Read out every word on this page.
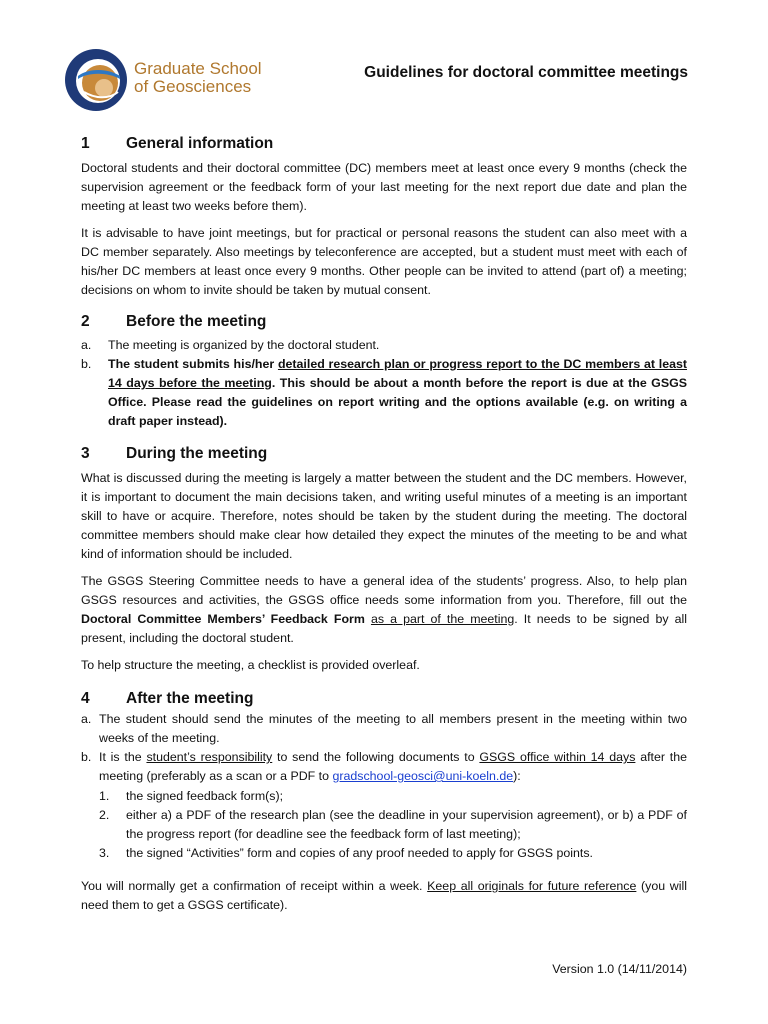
Graduate School
of Geosciences
Guidelines for doctoral committee meetings
1	General information

Doctoral students and their doctoral committee (DC) members meet at least once every 9 months (check the supervision agreement or the feedback form of your last meeting for the next report due date and plan the meeting at least two weeks before them).

It is advisable to have joint meetings, but for practical or personal reasons the student can also meet with a DC member separately. Also meetings by teleconference are accepted, but a student must meet with each of his/her DC members at least once every 9 months. Other people can be invited to attend (part of) a meeting; decisions on whom to invite should be taken by mutual consent.

2	Before the meeting
a.	The meeting is organized by the doctoral student.
b.	The student submits his/her detailed research plan or progress report to the DC members at least 14 days before the meeting. This should be about a month before the report is due at the GSGS Office. Please read the guidelines on report writing and the options available (e.g. on writing a draft paper instead).
3	During the meeting

What is discussed during the meeting is largely a matter between the student and the DC members. However, it is important to document the main decisions taken, and writing useful minutes of a meeting is an important skill to have or acquire. Therefore, notes should be taken by the student during the meeting. The doctoral committee members should make clear how detailed they expect the minutes of the meeting to be and what kind of information should be included.

The GSGS Steering Committee needs to have a general idea of the students’ progress. Also, to help plan GSGS resources and activities, the GSGS office needs some information from you. Therefore, fill out the Doctoral Committee Members’ Feedback Form as a part of the meeting. It needs to be signed by all present, including the doctoral student.

To help structure the meeting, a checklist is provided overleaf.

4	After the meeting
a. The student should send the minutes of the meeting to all members present in the meeting within two weeks of the meeting.
b. It is the student’s responsibility to send the following documents to GSGS office within 14 days after the meeting (preferably as a scan or a PDF to gradschool-geosci@uni-koeln.de):
1.	the signed feedback form(s);
2.	either a) a PDF of the research plan (see the deadline in your supervision agreement), or b) a PDF of the progress report (for deadline see the feedback form of last meeting);
3.	the signed “Activities” form and copies of any proof needed to apply for GSGS points.

You will normally get a confirmation of receipt within a week. Keep all originals for future reference (you will need them to get a GSGS certificate).

Version 1.0 (14/11/2014)
